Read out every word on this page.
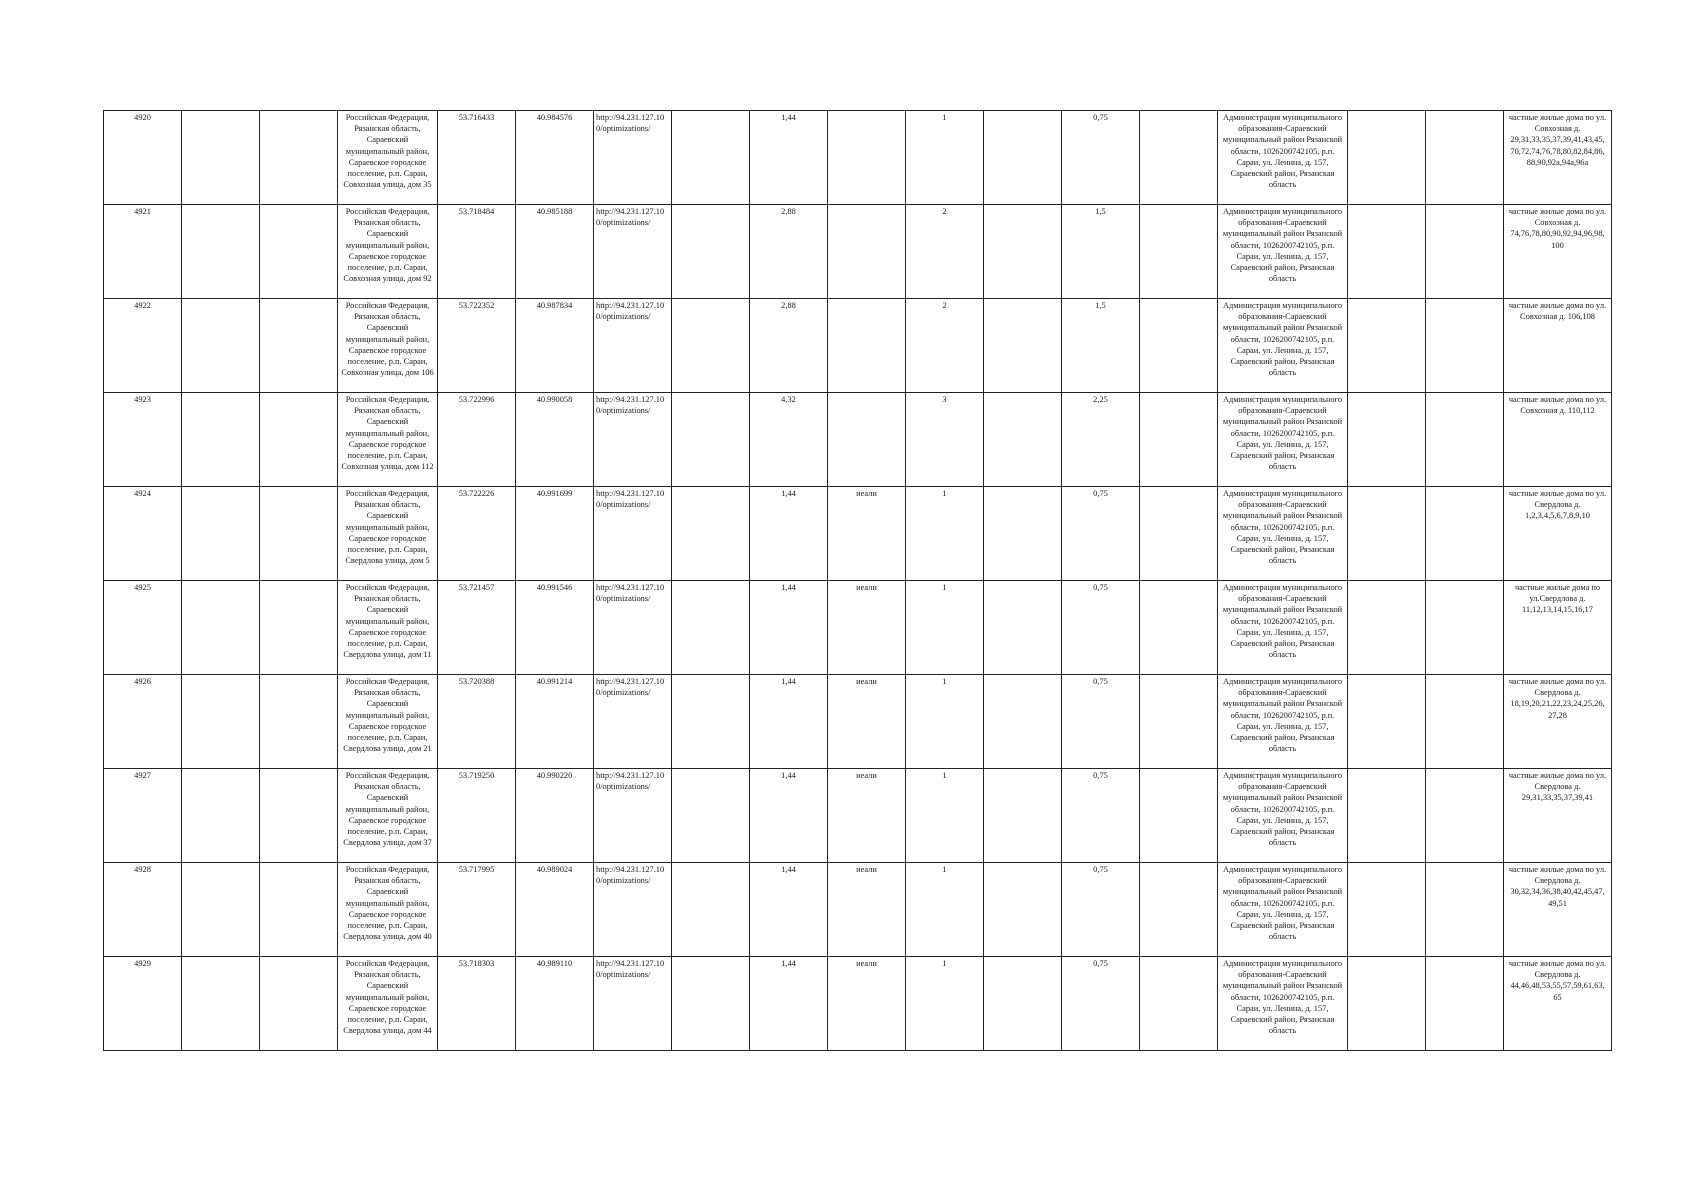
4920			Российская Федерация, Рязанская область, Сараевский муниципальный район, Сараевское городское поселение, р.п. Сараи, Совхозная улица, дом 35	53.716433	40.984576	http://94.231.127.10 0/optimizations/		1,44		1		0,75		Администрация муниципального образования-Сараевский муниципальный район Рязанской области, 1026200742105, р.п. Сараи, ул. Ленина, д. 157, Сараевский район, Рязанская область			частные жилые дома по ул. Совхозная д. 29,31,33,35,37,39,41,43,45, 70,72,74,76,78,80,82,84,86, 88,90,92а,94а,96а
4921			Российская Федерация, Рязанская область, Сараевский муниципальный район, Сараевское городское поселение, р.п. Сараи, Совхозная улица, дом 92	53.718484	40.985188	http://94.231.127.10 0/optimizations/		2,88		2		1,5		Администрация муниципального образования-Сараевский муниципальный район Рязанской области, 1026200742105, р.п. Сараи, ул. Ленина, д. 157, Сараевский район, Рязанская область			частные жилые дома по ул. Совхозная д. 74,76,78,80,90,92,94,96,98, 100
4922			Российская Федерация, Рязанская область, Сараевский муниципальный район, Сараевское городское поселение, р.п. Сараи, Совхозная улица, дом 106	53.722352	40.987834	http://94.231.127.10 0/optimizations/		2,88		2		1,5		Администрация муниципального образования-Сараевский муниципальный район Рязанской области, 1026200742105, р.п. Сараи, ул. Ленина, д. 157, Сараевский район, Рязанская область			частные жилые дома по ул. Совхозная д. 106,108
4923			Российская Федерация, Рязанская область, Сараевский муниципальный район, Сараевское городское поселение, р.п. Сараи, Совхозная улица, дом 112	53.722996	40.990058	http://94.231.127.10 0/optimizations/		4,32		3		2,25		Администрация муниципального образования-Сараевский муниципальный район Рязанской области, 1026200742105, р.п. Сараи, ул. Ленина, д. 157, Сараевский район, Рязанская область			частные жилые дома по ул. Совхозная д. 110,112
4924			Российская Федерация, Рязанская область, Сараевский муниципальный район, Сараевское городское поселение, р.п. Сараи, Свердлова улица, дом 5	53.722226	40.991699	http://94.231.127.10 0/optimizations/		1,44	иеали	1		0,75		Администрация муниципального образования-Сараевский муниципальный район Рязанской области, 1026200742105, р.п. Сараи, ул. Ленина, д. 157, Сараевский район, Рязанская область			частные жилые дома по ул. Свердлова д. 1,2,3,4,5,6,7,8,9,10
4925			Российская Федерация, Рязанская область, Сараевский муниципальный район, Сараевское городское поселение, р.п. Сараи, Свердлова улица, дом 11	53.721457	40.991546	http://94.231.127.10 0/optimizations/		1,44	иеали	1		0,75		Администрация муниципального образования-Сараевский муниципальный район Рязанской области, 1026200742105, р.п. Сараи, ул. Ленина, д. 157, Сараевский район, Рязанская область			частные жилые дома по ул.Свердлова д. 11,12,13,14,15,16,17
4926			Российская Федерация, Рязанская область, Сараевский муниципальный район, Сараевское городское поселение, р.п. Сараи, Свердлова улица, дом 21	53.720388	40.991214	http://94.231.127.10 0/optimizations/		1,44	иеали	1		0,75		Администрация муниципального образования-Сараевский муниципальный район Рязанской области, 1026200742105, р.п. Сараи, ул. Ленина, д. 157, Сараевский район, Рязанская область			частные жилые дома по ул. Свердлова д. 18,19,20,21,22,23,24,25,26, 27,28
4927			Российская Федерация, Рязанская область, Сараевский муниципальный район, Сараевское городское поселение, р.п. Сараи, Свердлова улица, дом 37	53.719250	40.990220	http://94.231.127.10 0/optimizations/		1,44	иеали	1		0,75		Администрация муниципального образования-Сараевский муниципальный район Рязанской области, 1026200742105, р.п. Сараи, ул. Ленина, д. 157, Сараевский район, Рязанская область			частные жилые дома по ул. Свердлова д. 29,31,33,35,37,39,41
4928			Российская Федерация, Рязанская область, Сараевский муниципальный район, Сараевское городское поселение, р.п. Сараи, Свердлова улица, дом 40	53.717995	40.989024	http://94.231.127.10 0/optimizations/		1,44	иеали	1		0,75		Администрация муниципального образования-Сараевский муниципальный район Рязанской области, 1026200742105, р.п. Сараи, ул. Ленина, д. 157, Сараевский район, Рязанская область			частные жилые дома по ул. Свердлова д. 30,32,34,36,38,40,42,45,47, 49,51
4929			Российская Федерация, Рязанская область, Сараевский муниципальный район, Сараевское городское поселение, р.п. Сараи, Свердлова улица, дом 44	53.718303	40.989110	http://94.231.127.10 0/optimizations/		1,44	иеали	1		0,75		Администрация муниципального образования-Сараевский муниципальный район Рязанской области, 1026200742105, р.п. Сараи, ул. Ленина, д. 157, Сараевский район, Рязанская область			частные жилые дома по ул. Свердлова д. 44,46,48,53,55,57,59,61,63, 65
